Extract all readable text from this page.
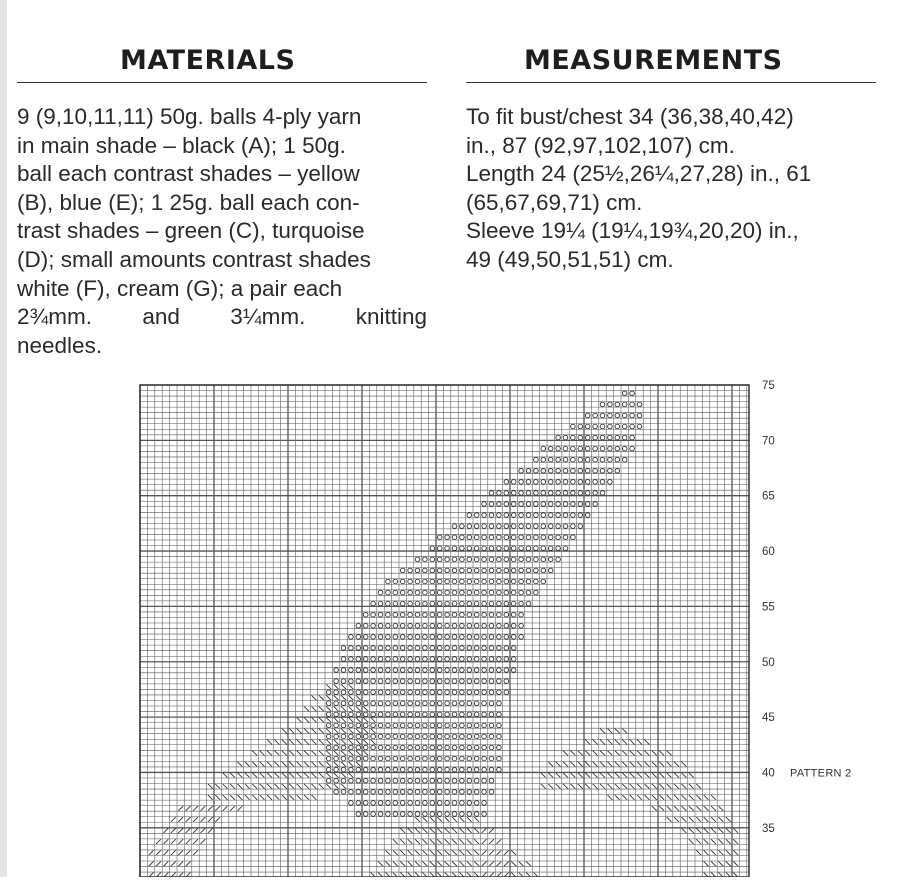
MATERIALS
9 (9,10,11,11) 50g. balls 4-ply yarn
in main shade – black (A); 1 50g.
ball each contrast shades – yellow
(B), blue (E); 1 25g. ball each con-
trast shades – green (C), turquoise
(D); small amounts contrast shades
white (F), cream (G); a pair each
2¾mm. and 3¼mm. knitting
needles.
MEASUREMENTS
To fit bust/chest 34 (36,38,40,42)
in., 87 (92,97,102,107) cm.
Length 24 (25½,26¼,27,28) in., 61
(65,67,69,71) cm.
Sleeve 19¼ (19¼,19¾,20,20) in.,
49 (49,50,51,51) cm.
75
70
65
60
55
50
45
40
35
PATTERN 2
